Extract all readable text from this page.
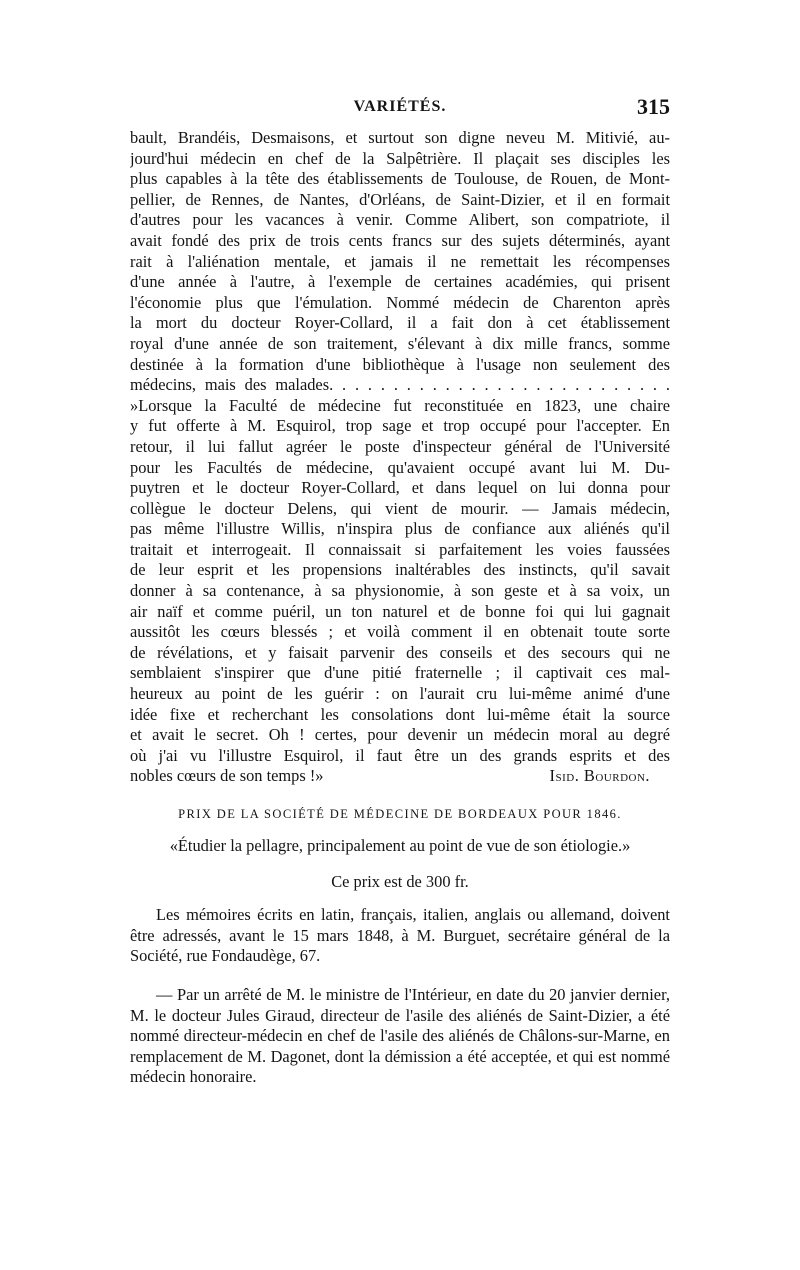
VARIÉTÉS.	315
bault, Brandéis, Desmaisons, et surtout son digne neveu M. Mitivié, au-
jourd'hui médecin en chef de la Salpêtrière. Il plaçait ses disciples les
plus capables à la tête des établissements de Toulouse, de Rouen, de Mont-
pellier, de Rennes, de Nantes, d'Orléans, de Saint-Dizier, et il en formait
d'autres pour les vacances à venir. Comme Alibert, son compatriote, il
avait fondé des prix de trois cents francs sur des sujets déterminés, ayant
rait à l'aliénation mentale, et jamais il ne remettait les récompenses
d'une année à l'autre, à l'exemple de certaines académies, qui prisent
l'économie plus que l'émulation. Nommé médecin de Charenton après
la mort du docteur Royer-Collard, il a fait don à cet établissement
royal d'une année de son traitement, s'élevant à dix mille francs, somme
destinée à la formation d'une bibliothèque à l'usage non seulement des
médecins, mais des malades. . . . . . . . . . . . . . . . . . . . . . . . . . .
»Lorsque la Faculté de médecine fut reconstituée en 1823, une chaire
y fut offerte à M. Esquirol, trop sage et trop occupé pour l'accepter. En
retour, il lui fallut agréer le poste d'inspecteur général de l'Université
pour les Facultés de médecine, qu'avaient occupé avant lui M. Du-
puytren et le docteur Royer-Collard, et dans lequel on lui donna pour
collègue le docteur Delens, qui vient de mourir. — Jamais médecin,
pas même l'illustre Willis, n'inspira plus de confiance aux aliénés qu'il
traitait et interrogeait. Il connaissait si parfaitement les voies faussées
de leur esprit et les propensions inaltérables des instincts, qu'il savait
donner à sa contenance, à sa physionomie, à son geste et à sa voix, un
air naïf et comme puéril, un ton naturel et de bonne foi qui lui gagnait
aussitôt les cœurs blessés ; et voilà comment il en obtenait toute sorte
de révélations, et y faisait parvenir des conseils et des secours qui ne
semblaient s'inspirer que d'une pitié fraternelle ; il captivait ces mal-
heureux au point de les guérir : on l'aurait cru lui-même animé d'une
idée fixe et recherchant les consolations dont lui-même était la source
et avait le secret. Oh ! certes, pour devenir un médecin moral au degré
où j'ai vu l'illustre Esquirol, il faut être un des grands esprits et des
nobles cœurs de son temps !»	Isid. Bourdon.
PRIX DE LA SOCIÉTÉ DE MÉDECINE DE BORDEAUX POUR 1846.
«Étudier la pellagre, principalement au point de vue de son étiologie.»
Ce prix est de 300 fr.

Les mémoires écrits en latin, français, italien, anglais ou allemand, doivent être adressés, avant le 15 mars 1848, à M. Burguet, secrétaire général de la Société, rue Fondaudège, 67.

— Par un arrêté de M. le ministre de l'Intérieur, en date du 20 janvier dernier, M. le docteur Jules Giraud, directeur de l'asile des aliénés de Saint-Dizier, a été nommé directeur-médecin en chef de l'asile des aliénés de Châlons-sur-Marne, en remplacement de M. Dagonet, dont la démission a été acceptée, et qui est nommé médecin honoraire.
